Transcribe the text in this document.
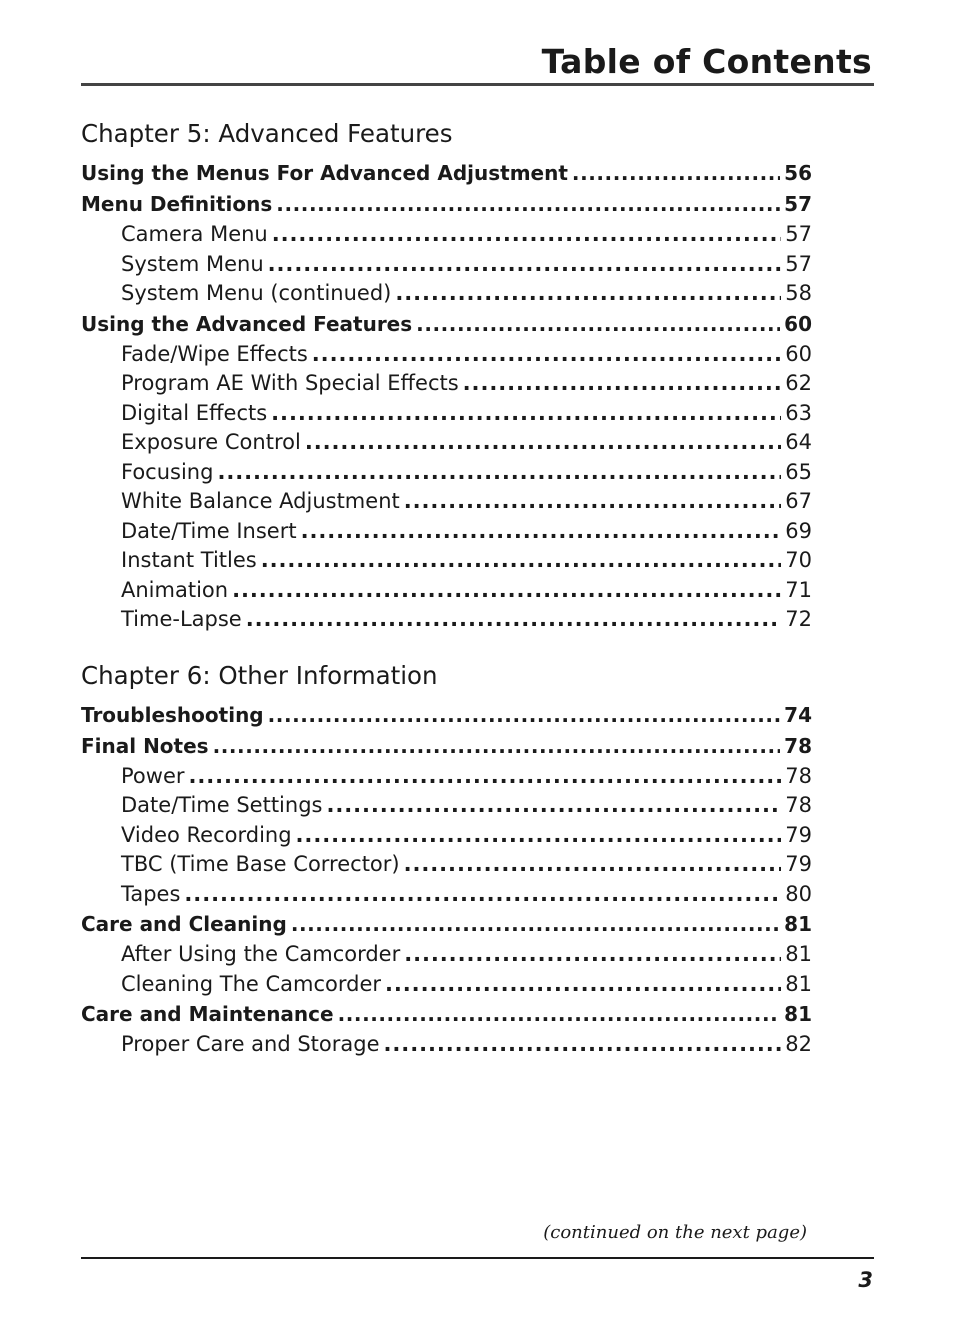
Table of Contents
Chapter 5: Advanced Features
Using the Menus For Advanced Adjustment . . .	56
Menu Definitions . . .	57
Camera Menu . . .	57
System Menu . . .	57
System Menu (continued) . . .	58
Using the Advanced Features . . .	60
Fade/Wipe Effects . . .	60
Program AE With Special Effects . . .	62
Digital Effects . . .	63
Exposure Control . . .	64
Focusing . . .	65
White Balance Adjustment . . .	67
Date/Time Insert . . .	69
Instant Titles . . .	70
Animation . . .	71
Time-Lapse . . .	72
Chapter 6: Other Information
Troubleshooting . . .	74
Final Notes . . .	78
Power . . .	78
Date/Time Settings . . .	78
Video Recording . . .	79
TBC (Time Base Corrector) . . .	79
Tapes . . .	80
Care and Cleaning . . .	81
After Using the Camcorder . . .	81
Cleaning The Camcorder . . .	81
Care and Maintenance . . .	81
Proper Care and Storage . . .	82

(continued on the next page)

3
